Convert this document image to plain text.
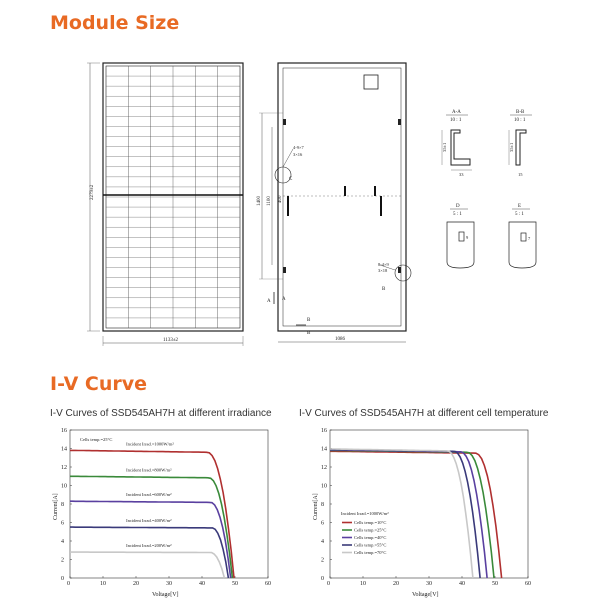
Module Size
I-V Curve
I-V Curves of SSD545AH7H at different irradiance	I-V Curves of SSD545AH7H at different cell temperature
2279±2
1133±2
1400 1100 400
C
4-9×7
3×16
B
8-4×9
3×18
A A
B
B
1086
A-A
10 : 1
35±1
33
B-B
10 : 1
35±1
15
D
5 : 1
9
E
5 : 1
7
Cells temp.=25°C
Voltage[V]
Current[A]
0	10	20	30	40	50	60
0
2
4
6
8
10
12
14
16
Incident Irrad.=1000W/m²
Incident Irrad.=800W/m²
Incident Irrad.=600W/m²
Incident Irrad.=400W/m²
Incident Irrad.=200W/m²
Incident Irrad.=1000W/m²
Voltage[V]
Current[A]
0	10	20	30	40	50	60
0
2
4
6
8
10
12
14
16
Cells temp.=10°C
Cells temp.=25°C
Cells temp.=40°C
Cells temp.=55°C
Cells temp.=70°C
